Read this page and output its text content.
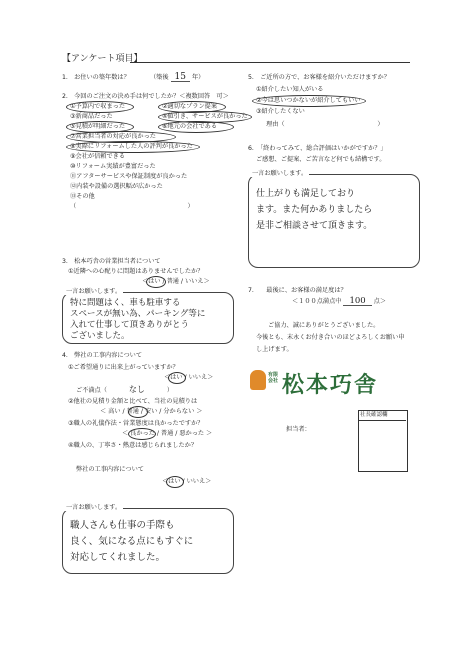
【アンケート項目】
1.　お住いの築年数は？	（築後 15 年）
2.　今回のご注文の決め手は何でしたか？＜複数回答　可＞
①予算内で収まった	②適切なプラン提案
③新商品だった	④値引き、サービスが良かった
⑤見積が明細だった	⑥地元の会社である
⑦営業担当者の対応が良かった
⑧実際にリフォームした人の評判が良かった
⑨会社が信頼できる
⑩リフォーム実績が豊富だった
⑪アフターサービスや保証制度が良かった
⑫内装や設備の選択幅が広かった
⑬その他
（　　　　　　　　　　　　　　　　　　）
3.　松本巧舎の営業担当者について
①近隣への心配りに問題はありませんでしたか？
＜はい / 普通 / いいえ＞
一言お願いします。
特に問題はく、車も駐車する
スペースが無い為、パーキング等に
入れて仕事して頂きありがとう
ございました。
4.　弊社の工事内容について
①ご希望通りに出来上がっていますか？
＜はい / いいえ＞
ご不満点（	なし	）
②他社の見積り金額と比べて、当社の見積りは
＜ 高い / 普通 / 安い / 分からない ＞
③職人の礼儀作法・営業態度は良かったですか？
＜ 良かった / 普通 / 悪かった ＞
④職人の、丁寧さ・熱意は感じられましたか？
弊社の工事内容について
＜はい / いいえ＞
一言お願いします。
職人さんも仕事の手際も
良く、気になる点にもすぐに
対応してくれました。
5.　ご近所の方で、お客様を紹介いただけますか？
①紹介したい知人がいる
②今は思いつかないが紹介してもいい
③紹介したくない
理由（　　　　　　　　　　　　　　　）
6.　「終わってみて、総合評価はいかがですか？」
ご感想、ご提案、ご苦言など何でも結構です。
一言お願いします。
仕上がりも満足しており
ます。また何かありましたら
是非ご相談させて頂きます。
7.　　最後に、お客様の満足度は？
＜１００点満点中 100 点＞
ご協力、誠にありがとうございました。
今後とも、末永くお付き合いのほどよろしくお願い申
し上げます。
有限会社 松本巧舎
担当者：
社長確認欄
